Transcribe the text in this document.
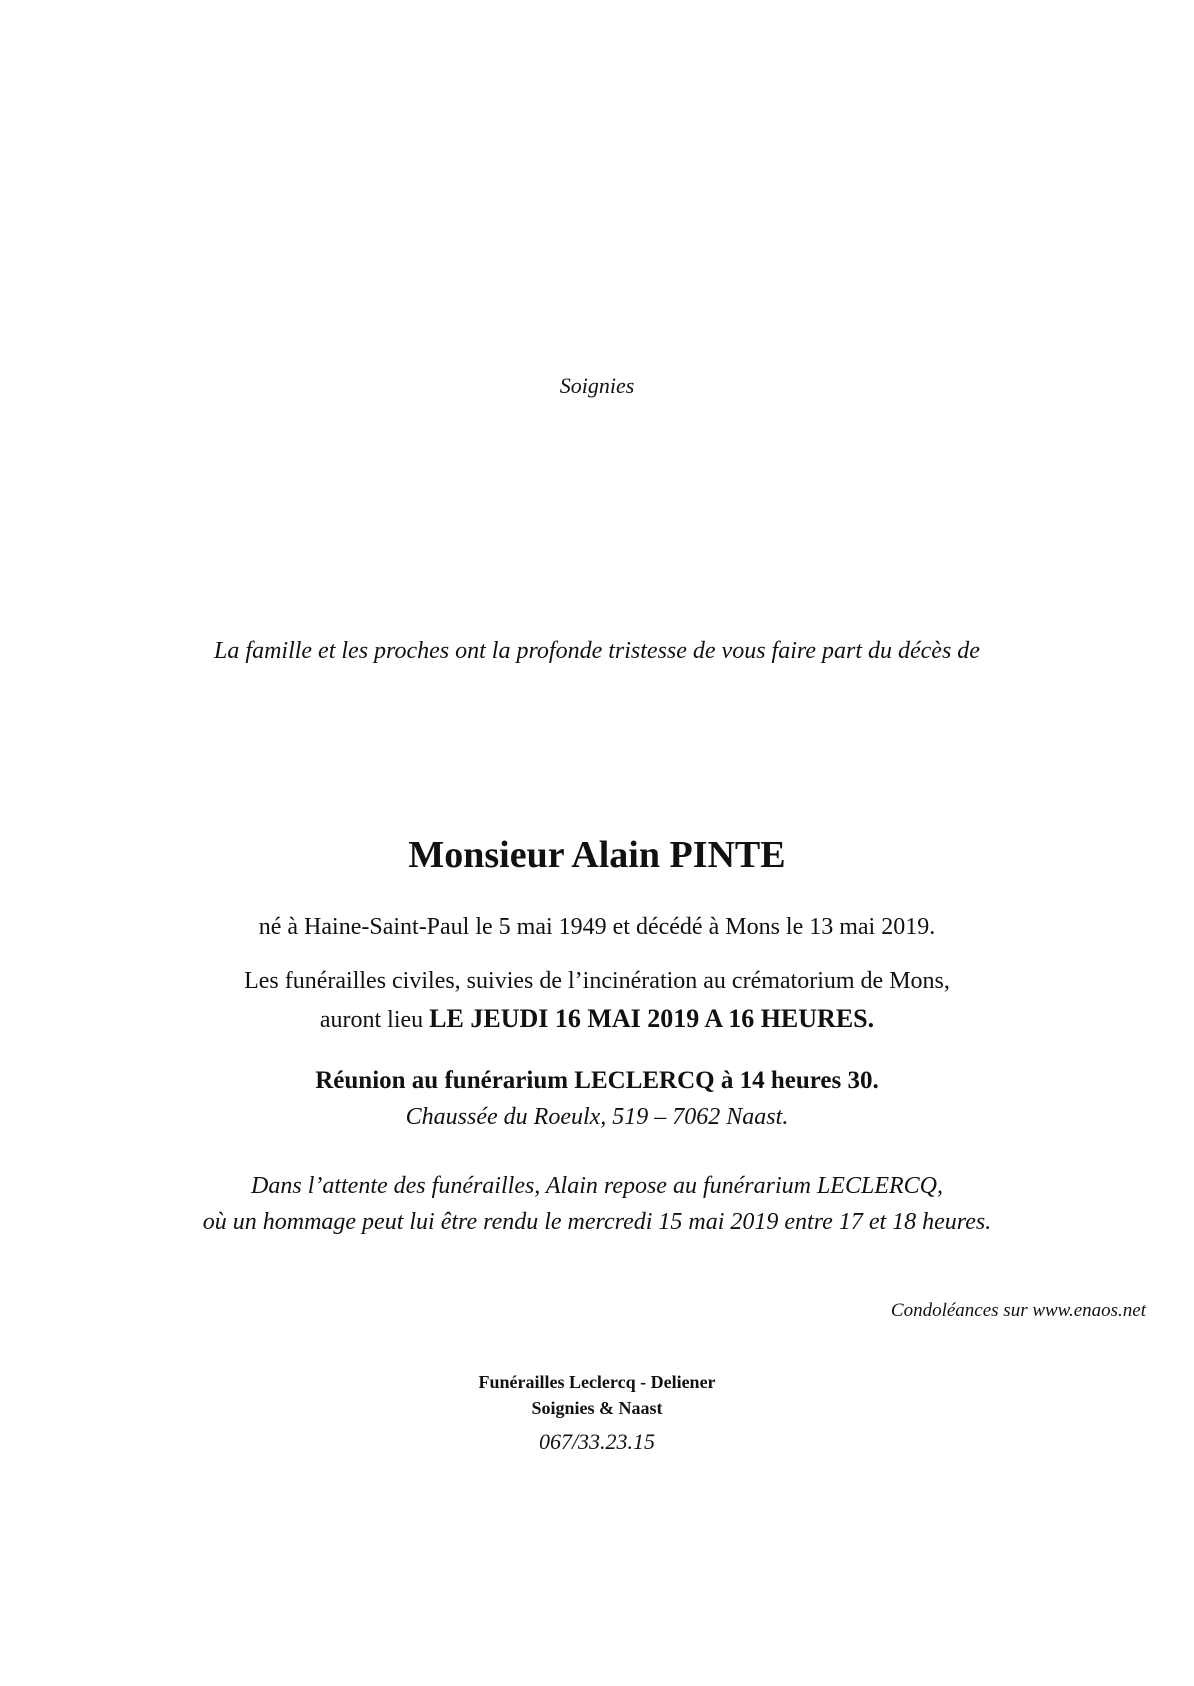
Soignies
La famille et les proches ont la profonde tristesse de vous faire part du décès de
Monsieur Alain PINTE
né à Haine-Saint-Paul le 5 mai 1949 et décédé à Mons le 13 mai 2019.
Les funérailles civiles, suivies de l’incinération au crématorium de Mons,
auront lieu LE JEUDI 16 MAI 2019 A 16 HEURES.
Réunion au funérarium LECLERCQ à 14 heures 30.
Chaussée du Roeulx, 519 – 7062 Naast.
Dans l’attente des funérailles, Alain repose au funérarium LECLERCQ,
où un hommage peut lui être rendu le mercredi 15 mai 2019 entre 17 et 18 heures.
Condoléances sur www.enaos.net
Funérailles Leclercq - Deliener
Soignies & Naast
067/33.23.15
